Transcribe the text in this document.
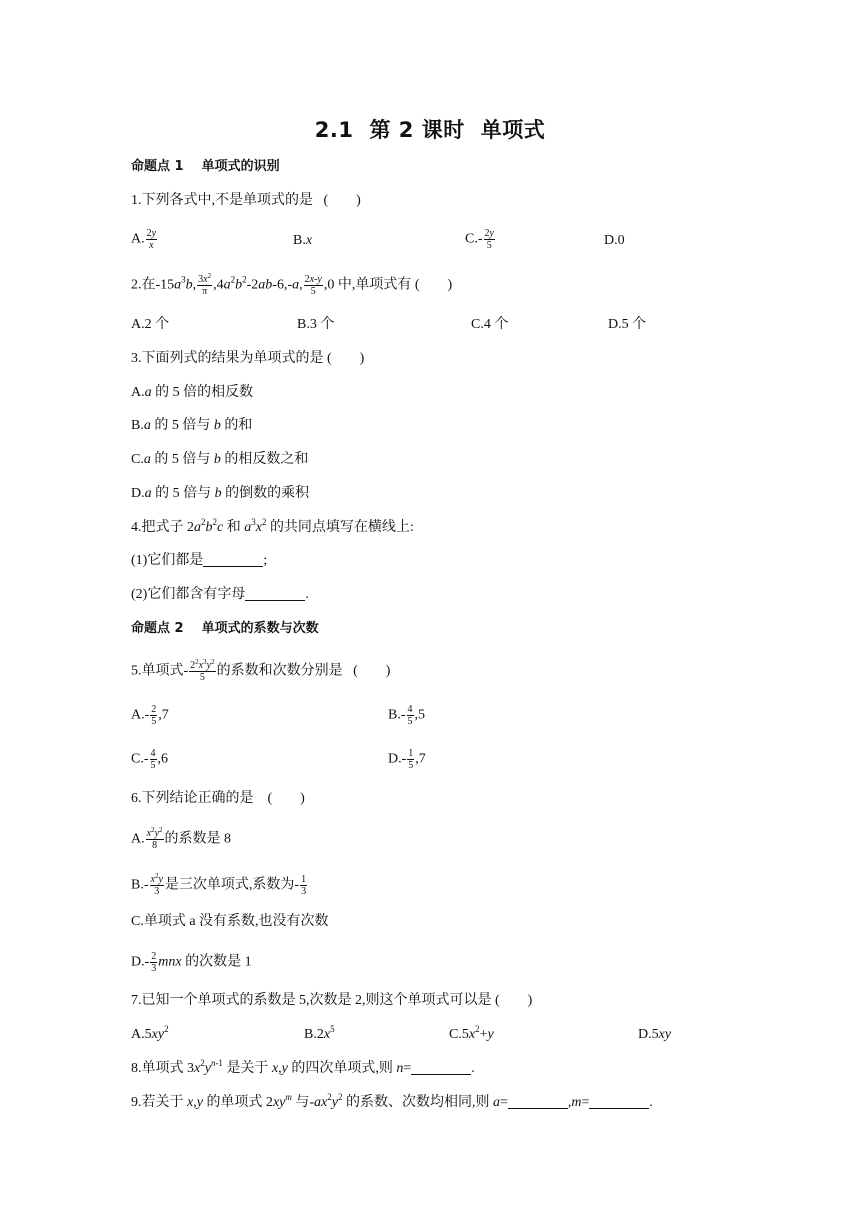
2.1 第 2 课时 单项式
命题点 1 单项式的识别
1.下列各式中,不是单项式的是 (　　)
A. $\frac{2y}{x}$	B.x	$C.- \frac{2y}{5}$	D.0
2.在$-15a^3b$, $\frac{3x^2}{\pi} ,4a^2b^2-2ab-6,-a$, $\frac{2x-y}{5} ,0$ 中,单项式有 (　　)
A.2 个	B.3 个	C.4 个	D.5 个
3.下面列式的结果为单项式的是 (　　)
A.a 的 5 倍的相反数
B.a 的 5 倍与 b 的和
C.a 的 5 倍与 b 的相反数之和
D.a 的 5 倍与 b 的倒数的乘积
4.把式子 $2a^2b^2c$ 和 $a^3x^2$ 的共同点填写在横线上:
(1)它们都是	;
(2)它们都含有字母	.
命题点 2 单项式的系数与次数
5.单项式- $\frac{2^2x^3y^2}{5}$ 的系数和次数分别是 (　　)
$A.- \frac{2}{5} ,7$	$B.- \frac{4}{5} ,5$
$C.- \frac{4}{5} ,6$	$D.- \frac{1}{5} ,7$
6.下列结论正确的是 (　　)
A. $\frac{x^2y^2}{8}$ 的系数是 8
$B.- \frac{x^2y}{3}$ 是三次单项式,系数为- $\frac{1}{3}$
C.单项式 a 没有系数,也没有次数
$D.- \frac{2}{3}$ mnx 的次数是 1
7.已知一个单项式的系数是 5,次数是 2,则这个单项式可以是 (　　)
$A.5xy^2$	$B.2x^5$	$C.5x^2+y$	D.5xy
8.单项式 $3x^2y^{n-1}$ 是关于 x,y 的四次单项式,则 n=	.
9.若关于 x,y 的单项式 $2xy^m$ 与$-ax^2y^2$ 的系数、次数均相同,则 a=	,m=	.
